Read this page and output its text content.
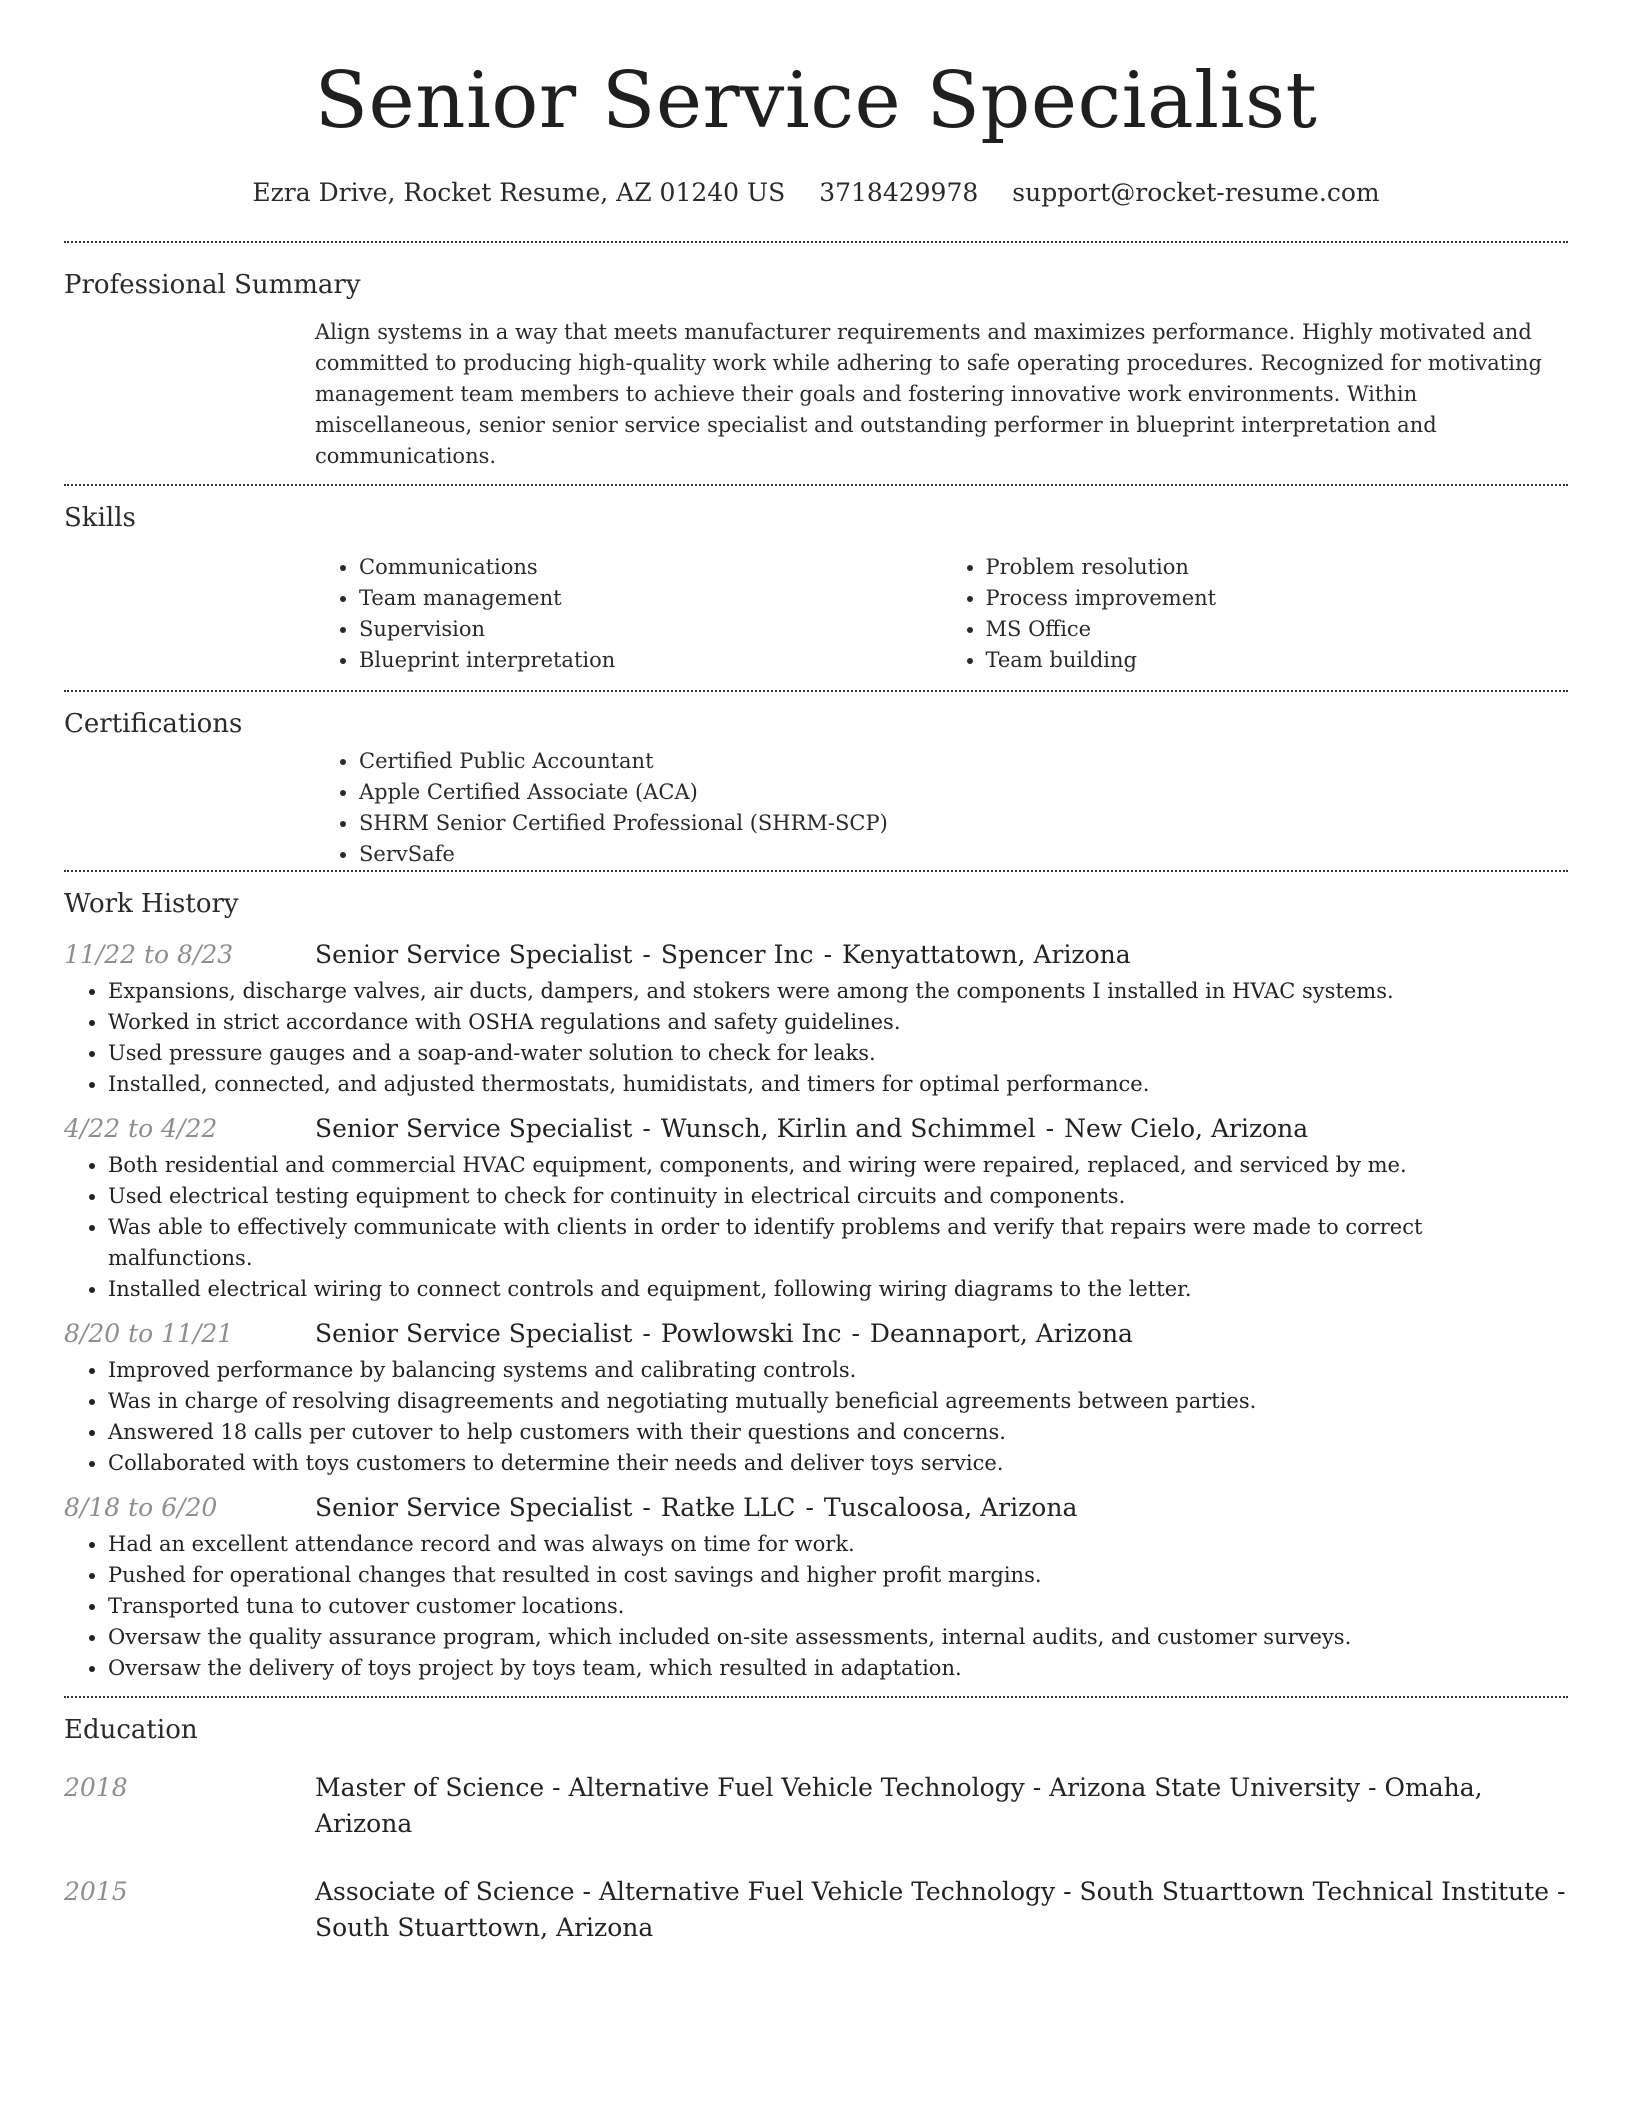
Senior Service Specialist
Ezra Drive, Rocket Resume, AZ 01240 US 3718429978 support@rocket-resume.com
Professional Summary

Align systems in a way that meets manufacturer requirements and maximizes performance. Highly motivated and committed to producing high-quality work while adhering to safe operating procedures. Recognized for motivating management team members to achieve their goals and fostering innovative work environments. Within miscellaneous, senior senior service specialist and outstanding performer in blueprint interpretation and communications.

Skills
• Communications
• Team management
• Supervision
• Blueprint interpretation
• Problem resolution
• Process improvement
• MS Office
• Team building
Certifications
• Certified Public Accountant
• Apple Certified Associate (ACA)
• SHRM Senior Certified Professional (SHRM-SCP)
• ServSafe
Work History
11/22 to 8/23	Senior Service Specialist - Spencer Inc - Kenyattatown, Arizona
• Expansions, discharge valves, air ducts, dampers, and stokers were among the components I installed in HVAC systems.
• Worked in strict accordance with OSHA regulations and safety guidelines.
• Used pressure gauges and a soap-and-water solution to check for leaks.
• Installed, connected, and adjusted thermostats, humidistats, and timers for optimal performance.
4/22 to 4/22	Senior Service Specialist - Wunsch, Kirlin and Schimmel - New Cielo, Arizona
• Both residential and commercial HVAC equipment, components, and wiring were repaired, replaced, and serviced by me.
• Used electrical testing equipment to check for continuity in electrical circuits and components.
• Was able to effectively communicate with clients in order to identify problems and verify that repairs were made to correct malfunctions.
• Installed electrical wiring to connect controls and equipment, following wiring diagrams to the letter.
8/20 to 11/21	Senior Service Specialist - Powlowski Inc - Deannaport, Arizona
• Improved performance by balancing systems and calibrating controls.
• Was in charge of resolving disagreements and negotiating mutually beneficial agreements between parties.
• Answered 18 calls per cutover to help customers with their questions and concerns.
• Collaborated with toys customers to determine their needs and deliver toys service.
8/18 to 6/20	Senior Service Specialist - Ratke LLC - Tuscaloosa, Arizona
• Had an excellent attendance record and was always on time for work.
• Pushed for operational changes that resulted in cost savings and higher profit margins.
• Transported tuna to cutover customer locations.
• Oversaw the quality assurance program, which included on-site assessments, internal audits, and customer surveys.
• Oversaw the delivery of toys project by toys team, which resulted in adaptation.
Education
2018	Master of Science - Alternative Fuel Vehicle Technology - Arizona State University - Omaha, Arizona
2015	Associate of Science - Alternative Fuel Vehicle Technology - South Stuarttown Technical Institute - South Stuarttown, Arizona
